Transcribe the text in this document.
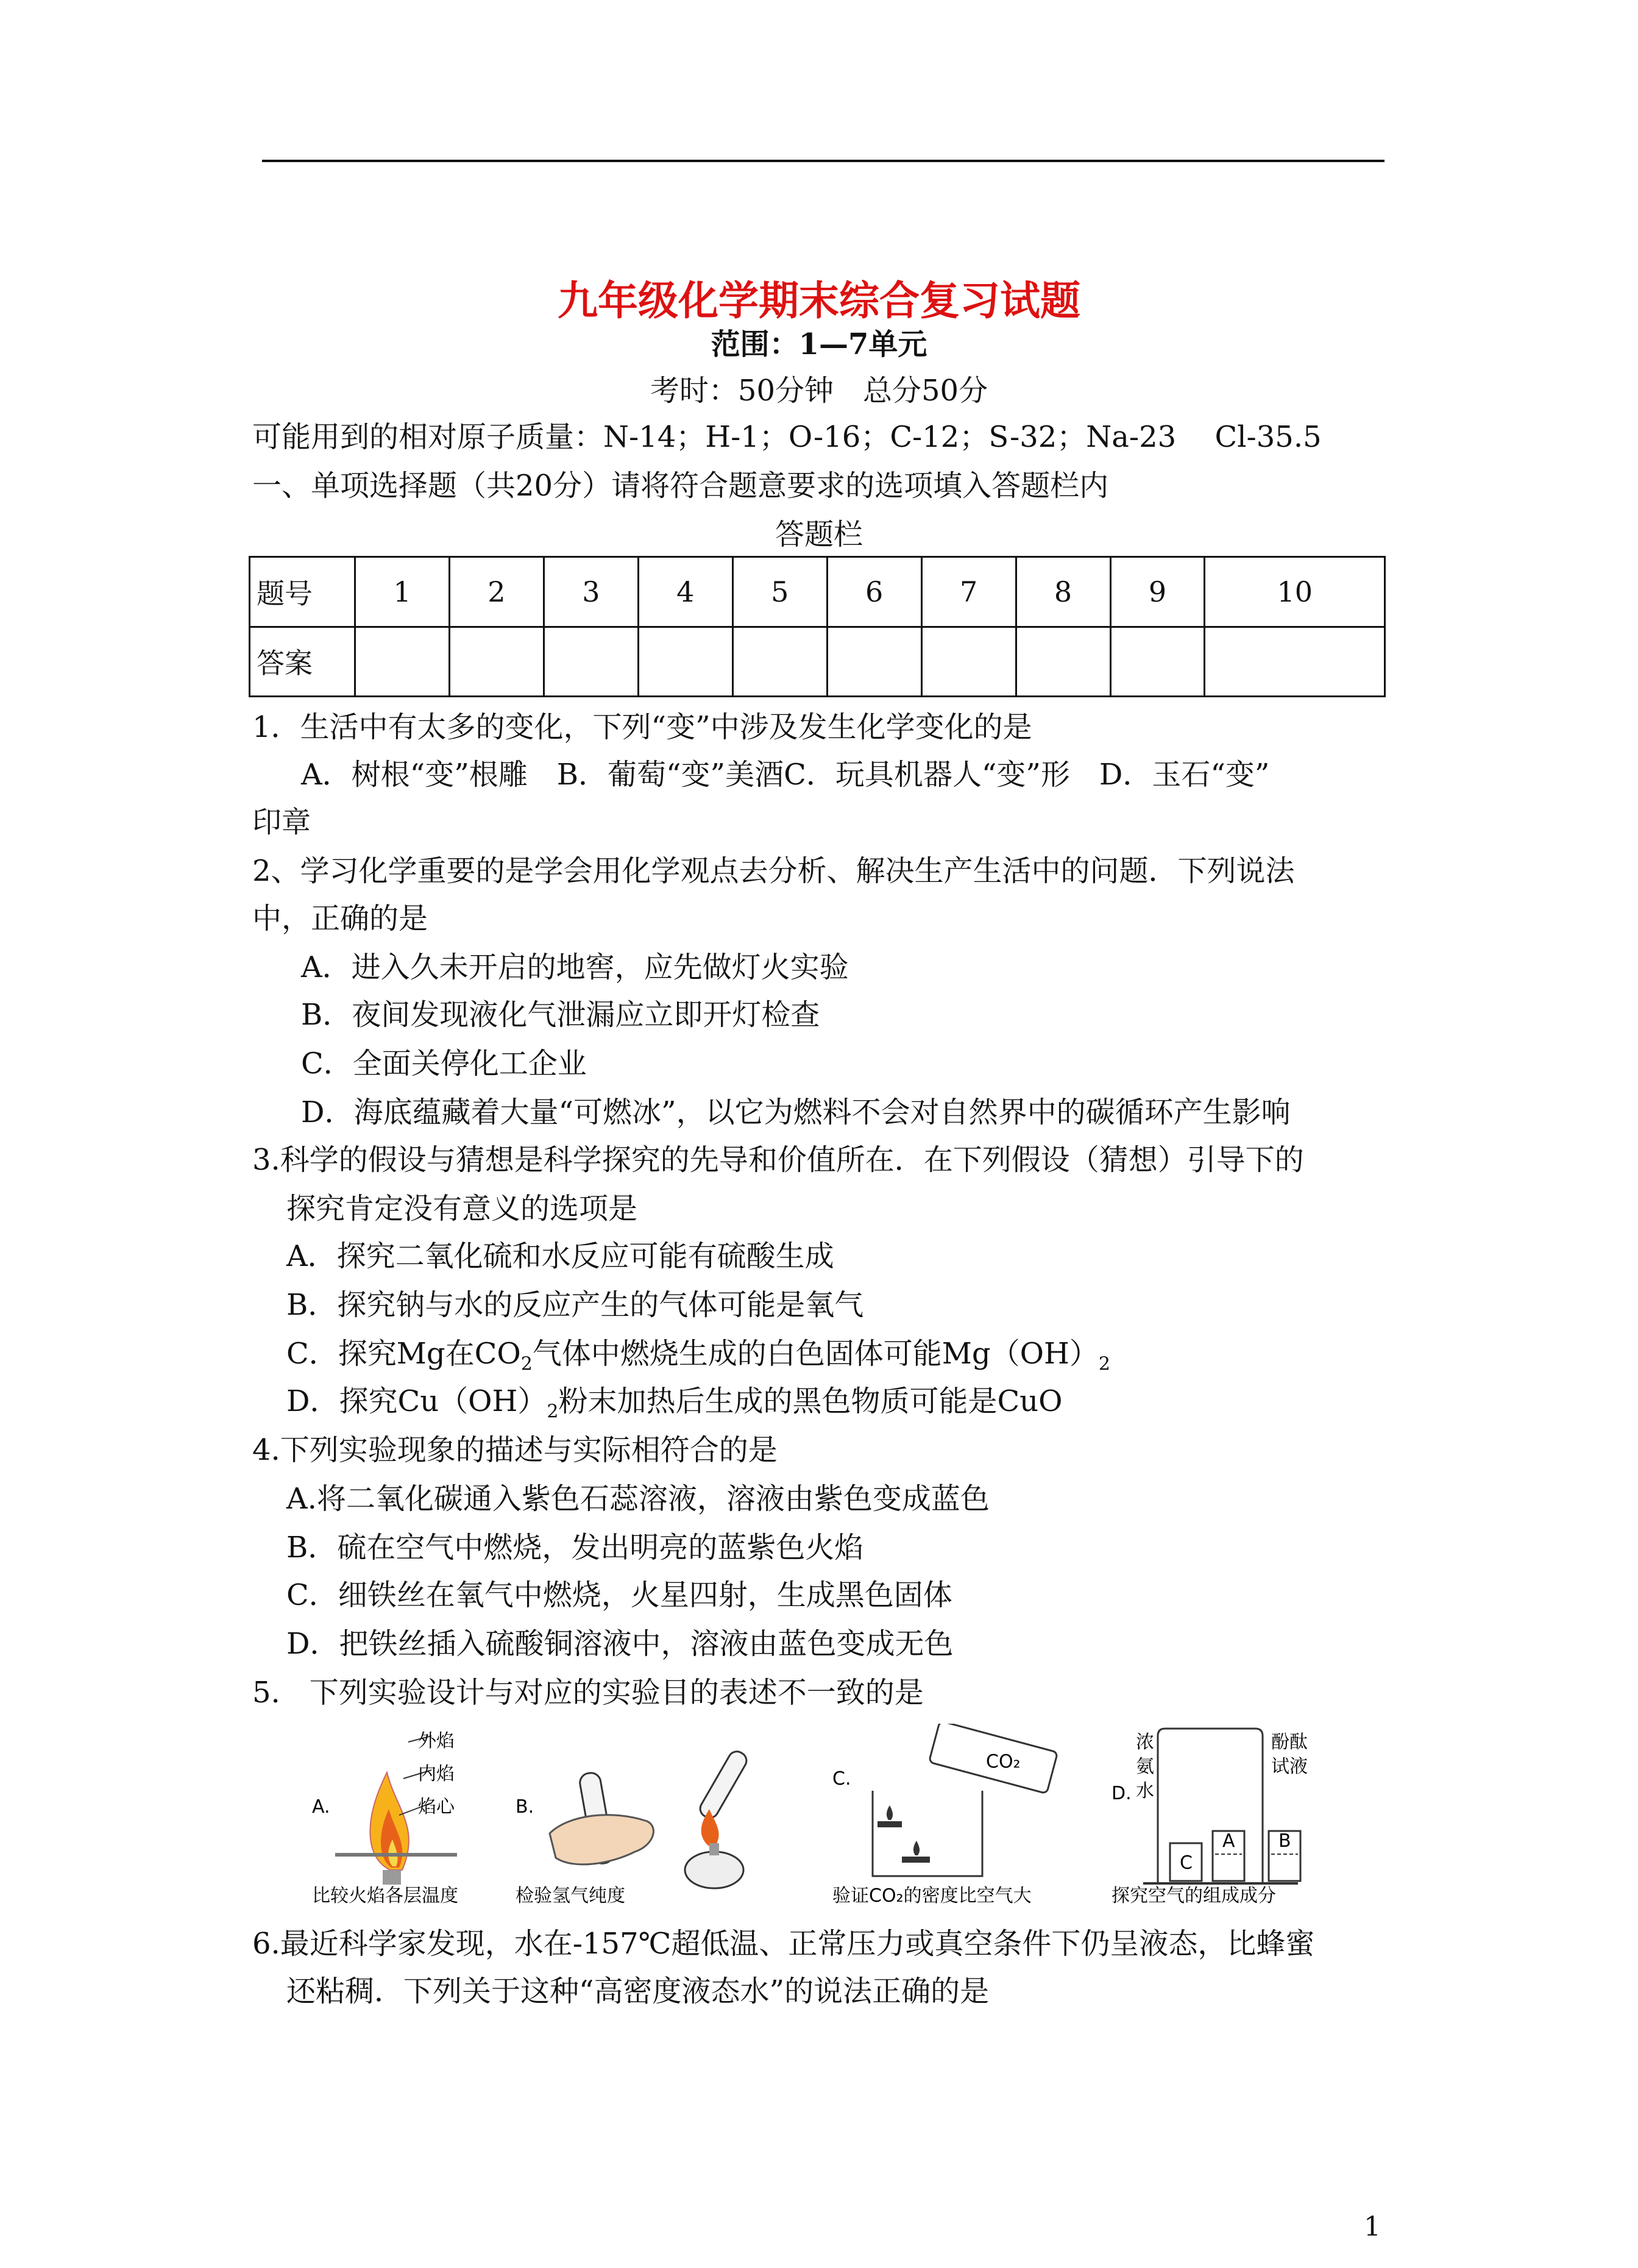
九年级化学期末综合复习试题
范围：1—7单元
考时：50分钟　总分50分
可能用到的相对原子质量：N-14；H-1；O-16；C-12；S-32；Na-23　 Cl-35.5
一、单项选择题（共20分）请将符合题意要求的选项填入答题栏内
答题栏
题号	1	2	3	4	5	6	7	8	9	10
答案										
1．生活中有太多的变化，下列“变”中涉及发生化学变化的是
A．树根“变”根雕　B．葡萄“变”美酒C．玩具机器人“变”形　D．玉石“变”
印章
2、学习化学重要的是学会用化学观点去分析、解决生产生活中的问题．下列说法
中，正确的是
A．进入久未开启的地窖，应先做灯火实验
B．夜间发现液化气泄漏应立即开灯检查
C．全面关停化工企业
D．海底蕴藏着大量“可燃冰”，以它为燃料不会对自然界中的碳循环产生影响
3.科学的假设与猜想是科学探究的先导和价值所在．在下列假设（猜想）引导下的
探究肯定没有意义的选项是
A．探究二氧化硫和水反应可能有硫酸生成
B．探究钠与水的反应产生的气体可能是氧气
C．探究Mg在$CO_2$气体中燃烧生成的白色固体可能$Mg(OH)_2$
D．探究$Cu(OH)_2$粉末加热后生成的黑色物质可能是CuO
4.下列实验现象的描述与实际相符合的是
A.将二氧化碳通入紫色石蕊溶液，溶液由紫色变成蓝色
B．硫在空气中燃烧，发出明亮的蓝紫色火焰
C．细铁丝在氧气中燃烧，火星四射，生成黑色固体
D．把铁丝插入硫酸铜溶液中，溶液由蓝色变成无色
5.　下列实验设计与对应的实验目的表述不一致的是
A.
外焰
内焰
焰心
比较火焰各层温度
B.
检验氢气纯度
C.
CO₂
验证CO₂的密度比空气大
D.
C
A B
浓
氨
水
酚酞
试液
探究空气的组成成分
6.最近科学家发现，水在-157℃超低温、正常压力或真空条件下仍呈液态，比蜂蜜
还粘稠．下列关于这种“高密度液态水”的说法正确的是
1
